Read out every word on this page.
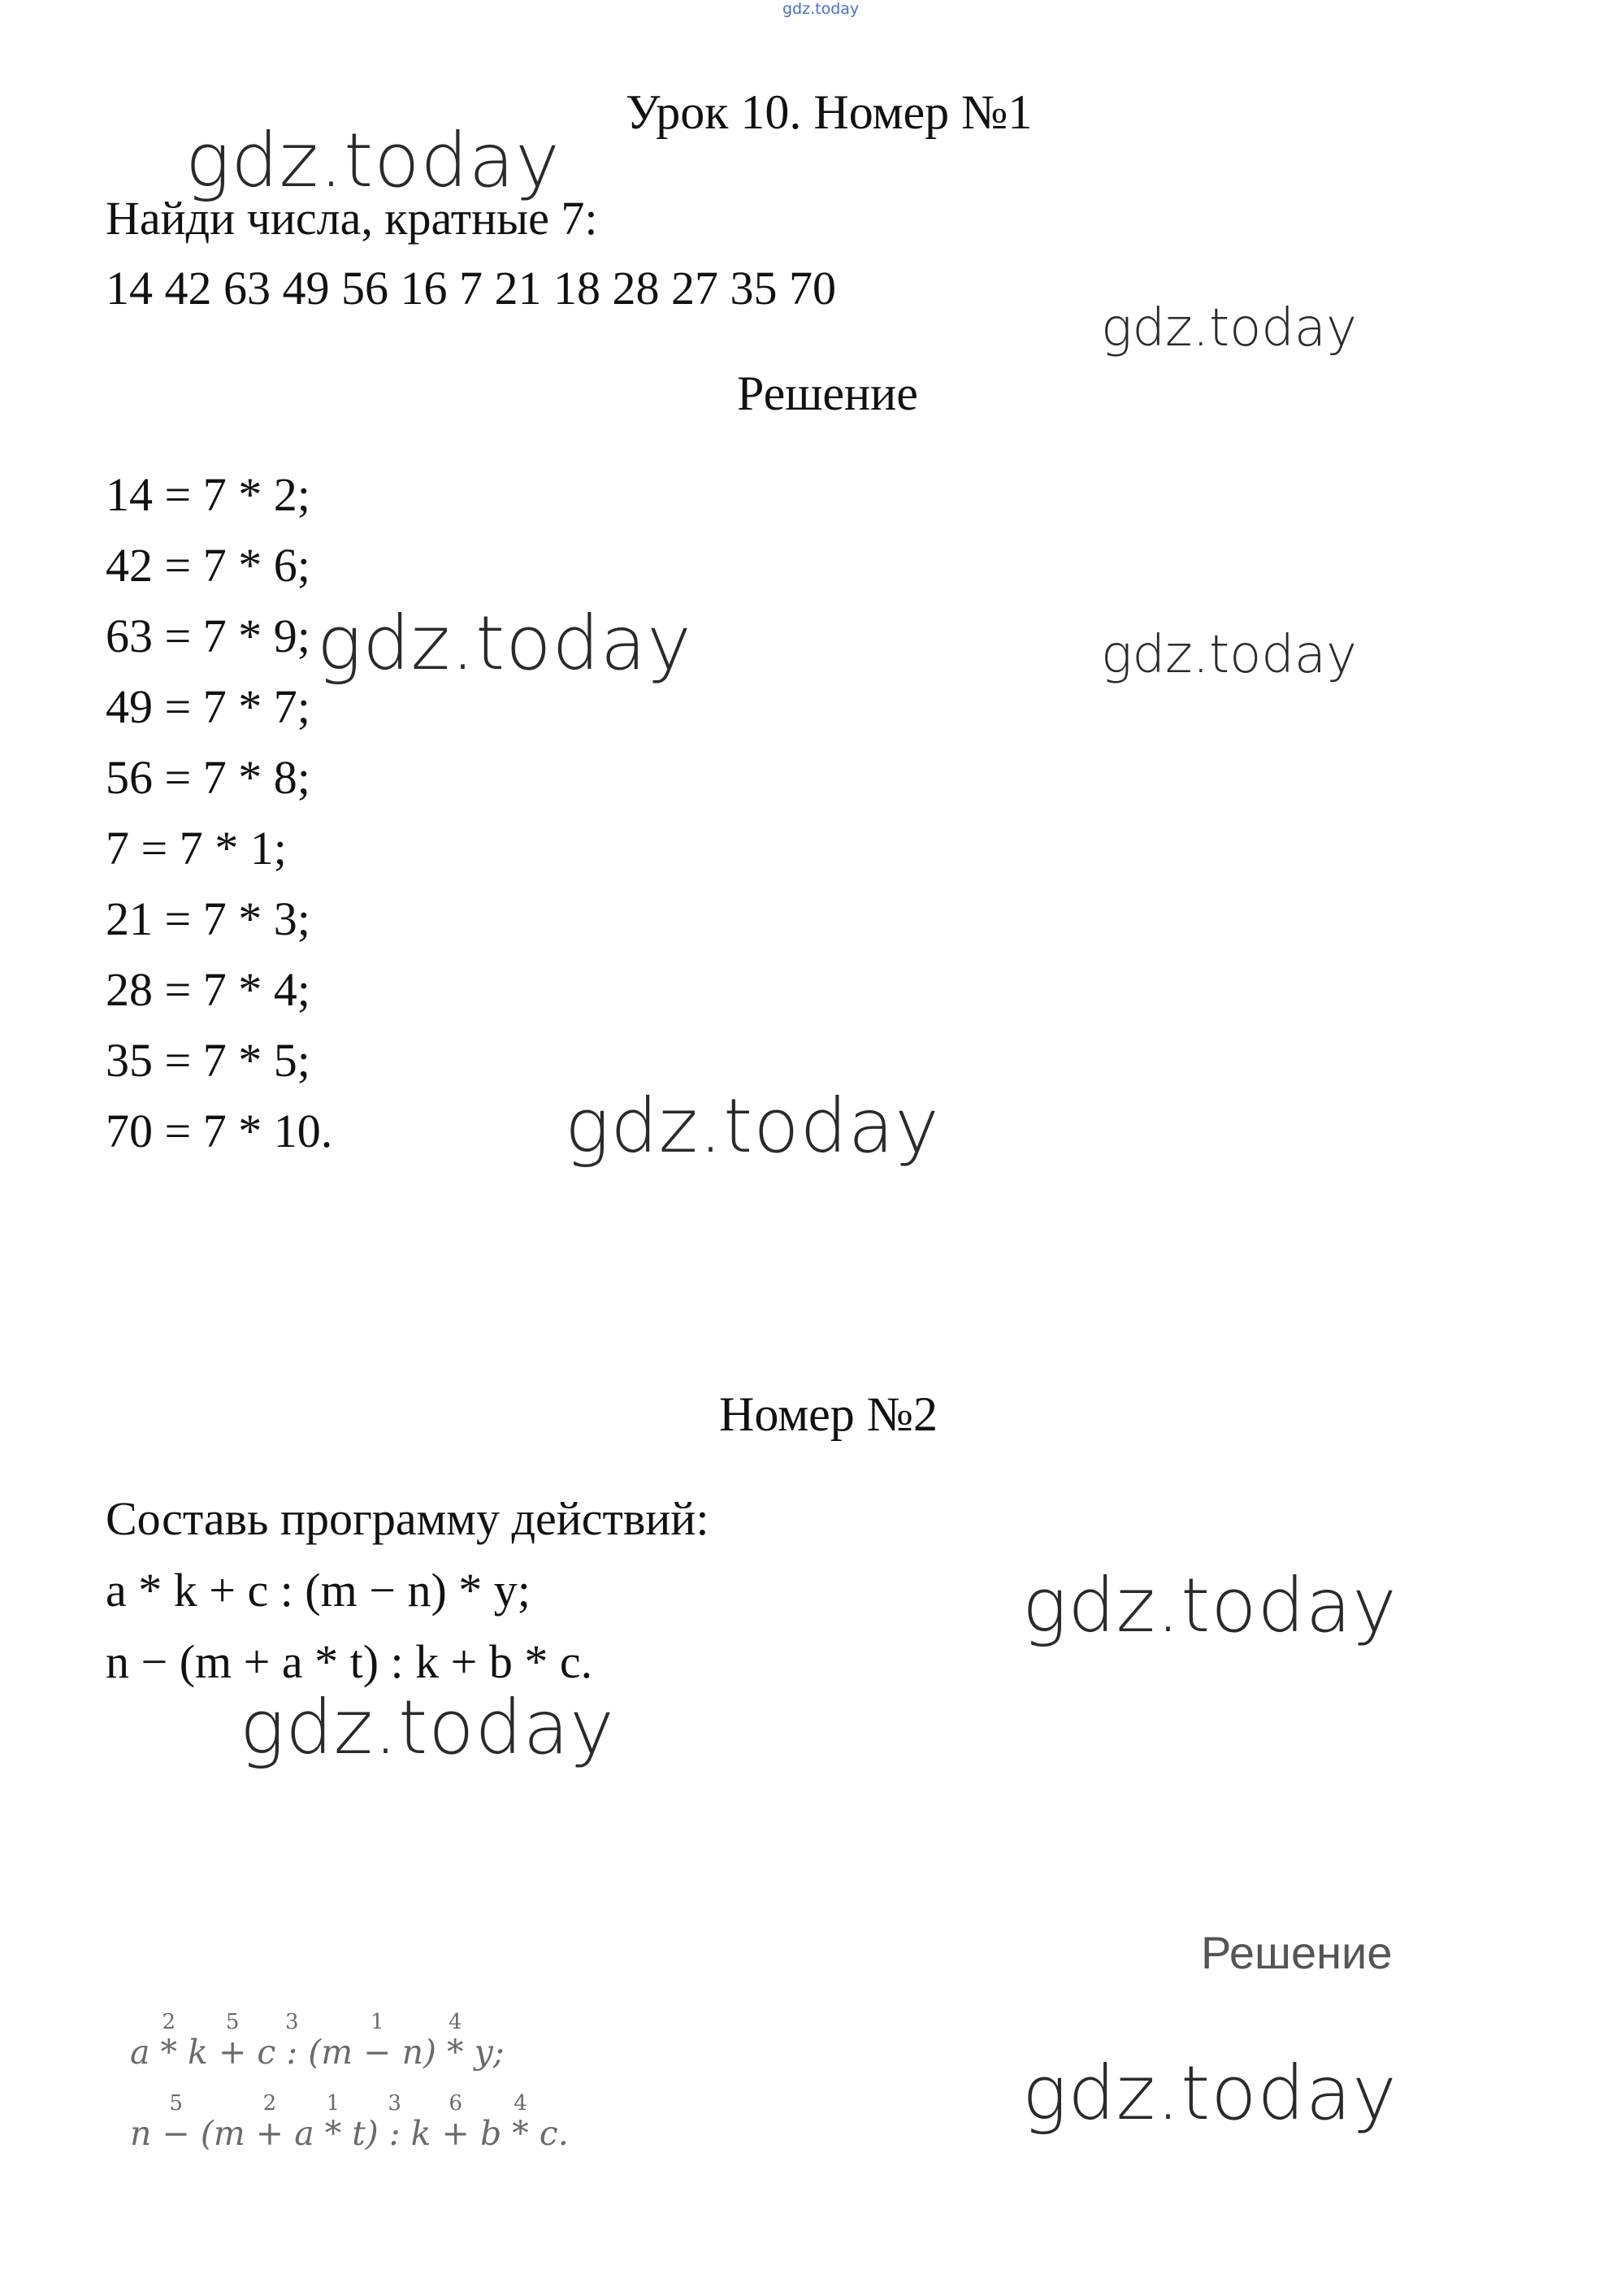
gdz.today
Урок 10. Номер №1
Найди числа, кратные 7:
14 42 63 49 56 16 7 21 18 28 27 35 70
Решение
14 = 7 * 2;
42 = 7 * 6;
63 = 7 * 9;
49 = 7 * 7;
56 = 7 * 8;
7 = 7 * 1;
21 = 7 * 3;
28 = 7 * 4;
35 = 7 * 5;
70 = 7 * 10.
Номер №2
Составь программу действий:
a * k + c : (m − n) * y;
n − (m + a * t) : k + b * c.
Решение
a *
2
k +
5
c :
3
(m −
1
n) *
4
y;
n −
5
(m +
2
a *
1
t) :
3
k +
6
b *
4
c.
gdz.today
gdz.today
gdz.today	gdz.today
gdz.today
gdz.today
gdz.today
gdz.today
